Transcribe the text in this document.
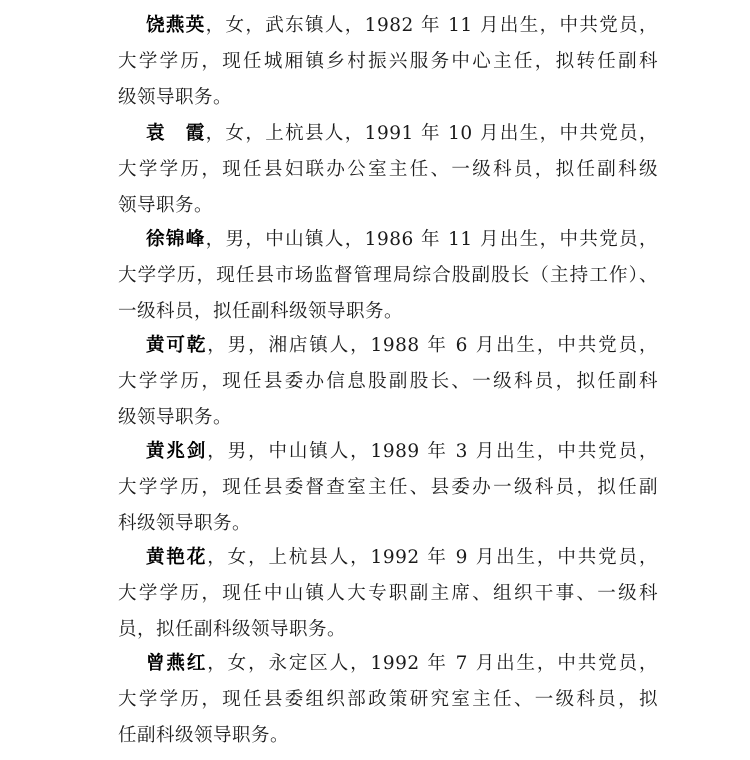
饶燕英，女，武东镇人，1982 年 11 月出生，中共党员，
大学学历，现任城厢镇乡村振兴服务中心主任，拟转任副科
级领导职务。
袁　霞，女，上杭县人，1991 年 10 月出生，中共党员，
大学学历，现任县妇联办公室主任、一级科员，拟任副科级
领导职务。
徐锦峰，男，中山镇人，1986 年 11 月出生，中共党员，
大学学历，现任县市场监督管理局综合股副股长（主持工作）、
一级科员，拟任副科级领导职务。
黄可乾，男，湘店镇人，1988 年 6 月出生，中共党员，
大学学历，现任县委办信息股副股长、一级科员，拟任副科
级领导职务。
黄兆剑，男，中山镇人，1989 年 3 月出生，中共党员，
大学学历，现任县委督查室主任、县委办一级科员，拟任副
科级领导职务。
黄艳花，女，上杭县人，1992 年 9 月出生，中共党员，
大学学历，现任中山镇人大专职副主席、组织干事、一级科
员，拟任副科级领导职务。
曾燕红，女，永定区人，1992 年 7 月出生，中共党员，
大学学历，现任县委组织部政策研究室主任、一级科员，拟
任副科级领导职务。
